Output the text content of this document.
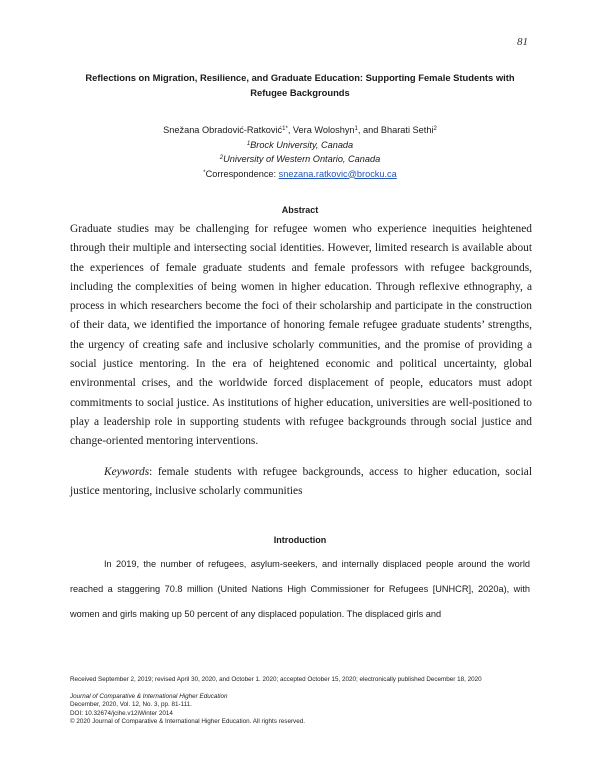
81
Reflections on Migration, Resilience, and Graduate Education: Supporting Female Students with Refugee Backgrounds
Snežana Obradović-Ratković$^{1*}$, Vera Woloshyn$^1$, and Bharati Sethi$^2$
$^1$Brock University, Canada
$^2$University of Western Ontario, Canada
*Correspondence: snezana.ratkovic@brocku.ca
Abstract

Graduate studies may be challenging for refugee women who experience inequities heightened through their multiple and intersecting social identities. However, limited research is available about the experiences of female graduate students and female professors with refugee backgrounds, including the complexities of being women in higher education. Through reflexive ethnography, a process in which researchers become the foci of their scholarship and participate in the construction of their data, we identified the importance of honoring female refugee graduate students’ strengths, the urgency of creating safe and inclusive scholarly communities, and the promise of providing a social justice mentoring. In the era of heightened economic and political uncertainty, global environmental crises, and the worldwide forced displacement of people, educators must adopt commitments to social justice. As institutions of higher education, universities are well-positioned to play a leadership role in supporting students with refugee backgrounds through social justice and change-oriented mentoring interventions.

Keywords: female students with refugee backgrounds, access to higher education, social justice mentoring, inclusive scholarly communities

Introduction

In 2019, the number of refugees, asylum-seekers, and internally displaced people around the world reached a staggering 70.8 million (United Nations High Commissioner for Refugees [UNHCR], 2020a), with women and girls making up 50 percent of any displaced population. The displaced girls and

Received September 2, 2019; revised April 30, 2020, and October 1. 2020; accepted October 15, 2020; electronically published December 18, 2020
Journal of Comparative & International Higher Education
December, 2020, Vol. 12, No. 3, pp. 81-111.
DOI: 10.32674/jcihe.v12iWinter 2014
© 2020 Journal of Comparative & International Higher Education. All rights reserved.
